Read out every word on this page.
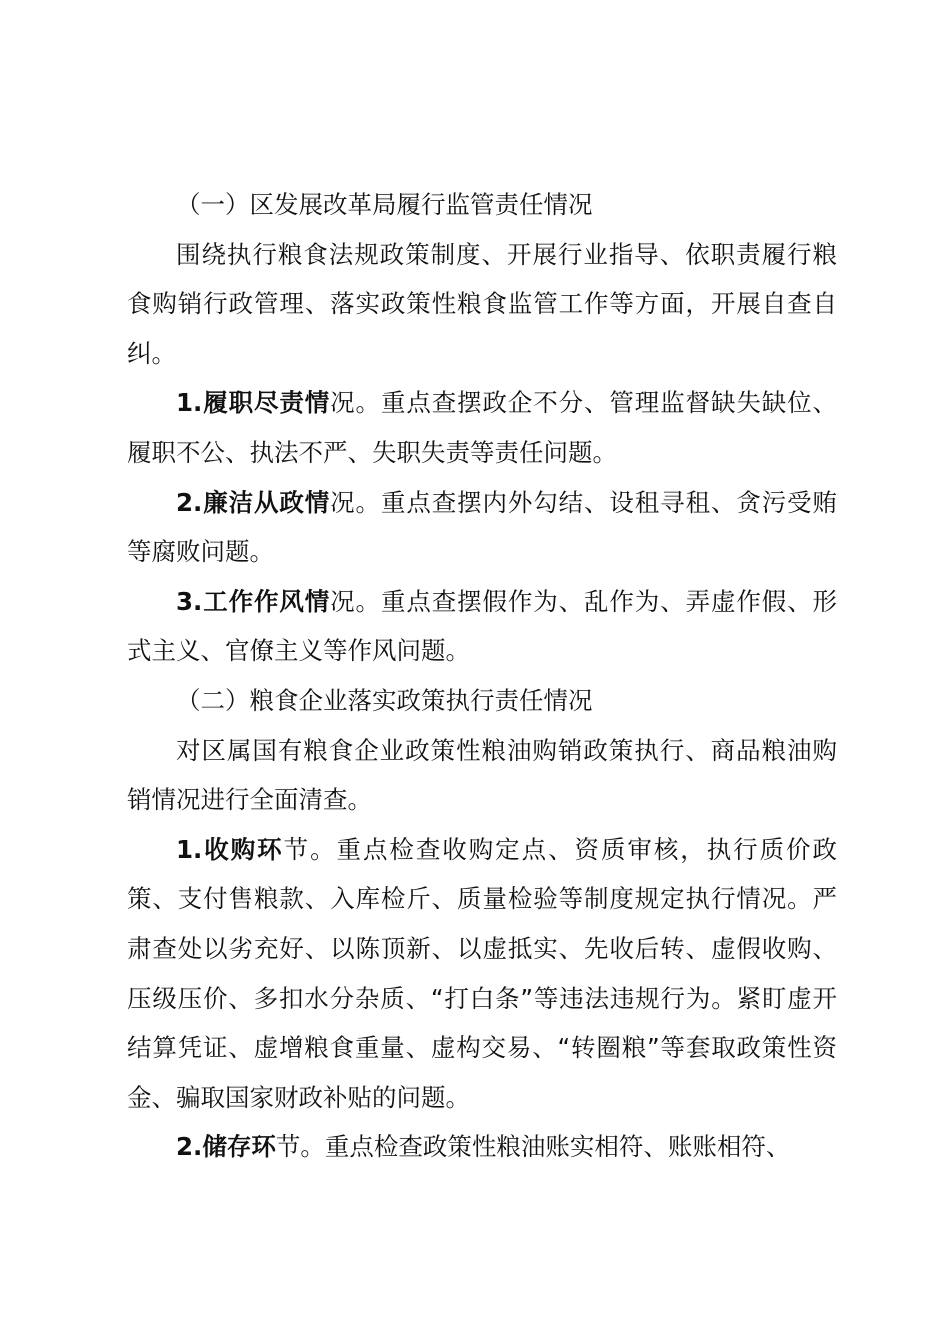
（一）区发展改革局履行监管责任情况

围绕执行粮食法规政策制度、开展行业指导、依职责履行粮食购销行政管理、落实政策性粮食监管工作等方面，开展自查自纠。

1.履职尽责情况。重点查摆政企不分、管理监督缺失缺位、履职不公、执法不严、失职失责等责任问题。

2.廉洁从政情况。重点查摆内外勾结、设租寻租、贪污受贿等腐败问题。

3.工作作风情况。重点查摆假作为、乱作为、弄虚作假、形式主义、官僚主义等作风问题。

（二）粮食企业落实政策执行责任情况

对区属国有粮食企业政策性粮油购销政策执行、商品粮油购销情况进行全面清查。

1.收购环节。重点检查收购定点、资质审核，执行质价政策、支付售粮款、入库检斤、质量检验等制度规定执行情况。严肃查处以劣充好、以陈顶新、以虚抵实、先收后转、虚假收购、压级压价、多扣水分杂质、“打白条”等违法违规行为。紧盯虚开结算凭证、虚增粮食重量、虚构交易、“转圈粮”等套取政策性资金、骗取国家财政补贴的问题。

2.储存环节。重点检查政策性粮油账实相符、账账相符、
